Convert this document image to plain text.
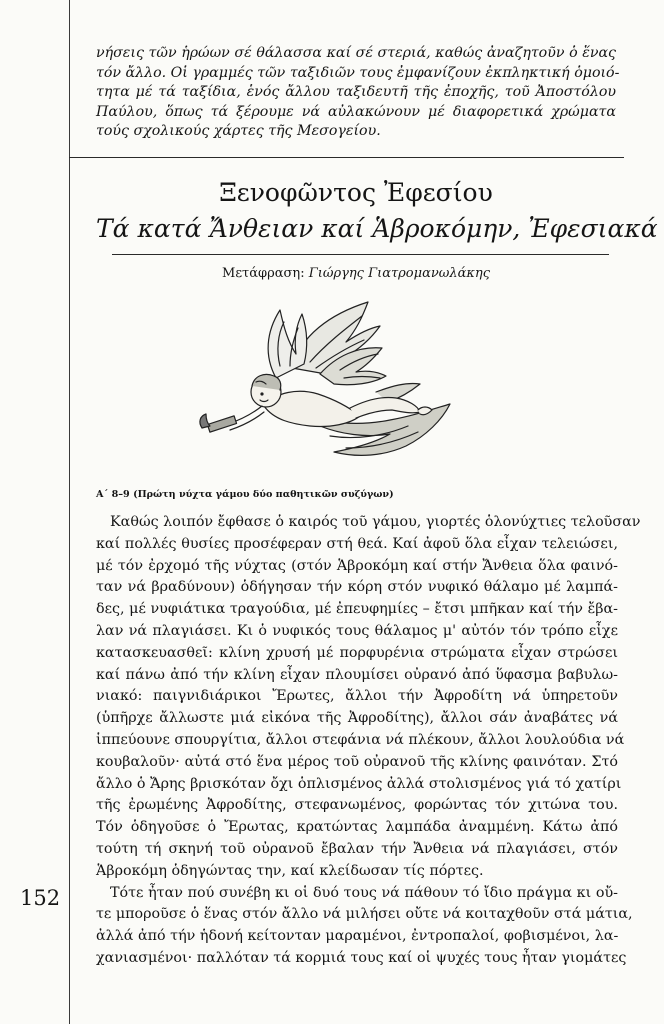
νήσεις τῶν ἡρώων σέ θάλασσα καί σέ στεριά, καθώς ἀναζητοῦν ὁ ἕνας
τόν ἄλλο. Οἱ γραμμές τῶν ταξιδιῶν τους ἐμφανίζουν ἐκπληκτική ὁμοιό-
τητα μέ τά ταξίδια, ἑνός ἄλλου ταξιδευτῆ τῆς ἐποχῆς, τοῦ Ἀποστόλου
Παύλου, ὅπως τά ξέρουμε νά αὐλακώνουν μέ διαφορετικά χρώματα
τούς σχολικούς χάρτες τῆς Μεσογείου.
Ξενοφῶντος Ἐφεσίου
Τά κατά Ἄνθειαν καί Ἁβροκόμην, Ἐφεσιακά
Μετάφραση: Γιώργης Γιατρομανωλάκης
Α΄ 8–9 (Πρώτη νύχτα γάμου δύο παθητικῶν συζύγων)
Καθώς λοιπόν ἔφθασε ὁ καιρός τοῦ γάμου, γιορτές ὁλονύχτιες τελοῦσαν
καί πολλές θυσίες προσέφεραν στή θεά. Καί ἀφοῦ ὅλα εἶχαν τελειώσει,
μέ τόν ἐρχομό τῆς νύχτας (στόν Ἁβροκόμη καί στήν Ἄνθεια ὅλα φαινό-
ταν νά βραδύνουν) ὁδήγησαν τήν κόρη στόν νυφικό θάλαμο μέ λαμπά-
δες, μέ νυφιάτικα τραγούδια, μέ ἐπευφημίες – ἔτσι μπῆκαν καί τήν ἔβα-
λαν νά πλαγιάσει. Κι ὁ νυφικός τους θάλαμος μ' αὐτόν τόν τρόπο εἶχε
κατασκευασθεῖ: κλίνη χρυσή μέ πορφυρένια στρώματα εἶχαν στρώσει
καί πάνω ἀπό τήν κλίνη εἶχαν πλουμίσει οὐρανό ἀπό ὕφασμα βαβυλω-
νιακό: παιγνιδιάρικοι Ἔρωτες, ἄλλοι τήν Ἀφροδίτη νά ὑπηρετοῦν
(ὑπῆρχε ἄλλωστε μιά εἰκόνα τῆς Ἀφροδίτης), ἄλλοι σάν ἀναβάτες νά
ἱππεύουνε σπουργίτια, ἄλλοι στεφάνια νά πλέκουν, ἄλλοι λουλούδια νά
κουβαλοῦν· αὐτά στό ἕνα μέρος τοῦ οὐρανοῦ τῆς κλίνης φαινόταν. Στό
ἄλλο ὁ Ἄρης βρισκόταν ὄχι ὁπλισμένος ἀλλά στολισμένος γιά τό χατίρι
τῆς ἐρωμένης Ἀφροδίτης, στεφανωμένος, φορώντας τόν χιτώνα του.
Τόν ὁδηγοῦσε ὁ Ἔρωτας, κρατώντας λαμπάδα ἀναμμένη. Κάτω ἀπό
τούτη τή σκηνή τοῦ οὐρανοῦ ἔβαλαν τήν Ἄνθεια νά πλαγιάσει, στόν
Ἁβροκόμη ὁδηγώντας την, καί κλείδωσαν τίς πόρτες.
Τότε ἦταν πού συνέβη κι οἱ δυό τους νά πάθουν τό ἴδιο πράγμα κι οὔ-
τε μποροῦσε ὁ ἕνας στόν ἄλλο νά μιλήσει οὔτε νά κοιταχθοῦν στά μάτια,
ἀλλά ἀπό τήν ἡδονή κείτονταν μαραμένοι, ἐντροπαλοί, φοβισμένοι, λα-
χανιασμένοι· παλλόταν τά κορμιά τους καί οἱ ψυχές τους ἦταν γιομάτες
152
